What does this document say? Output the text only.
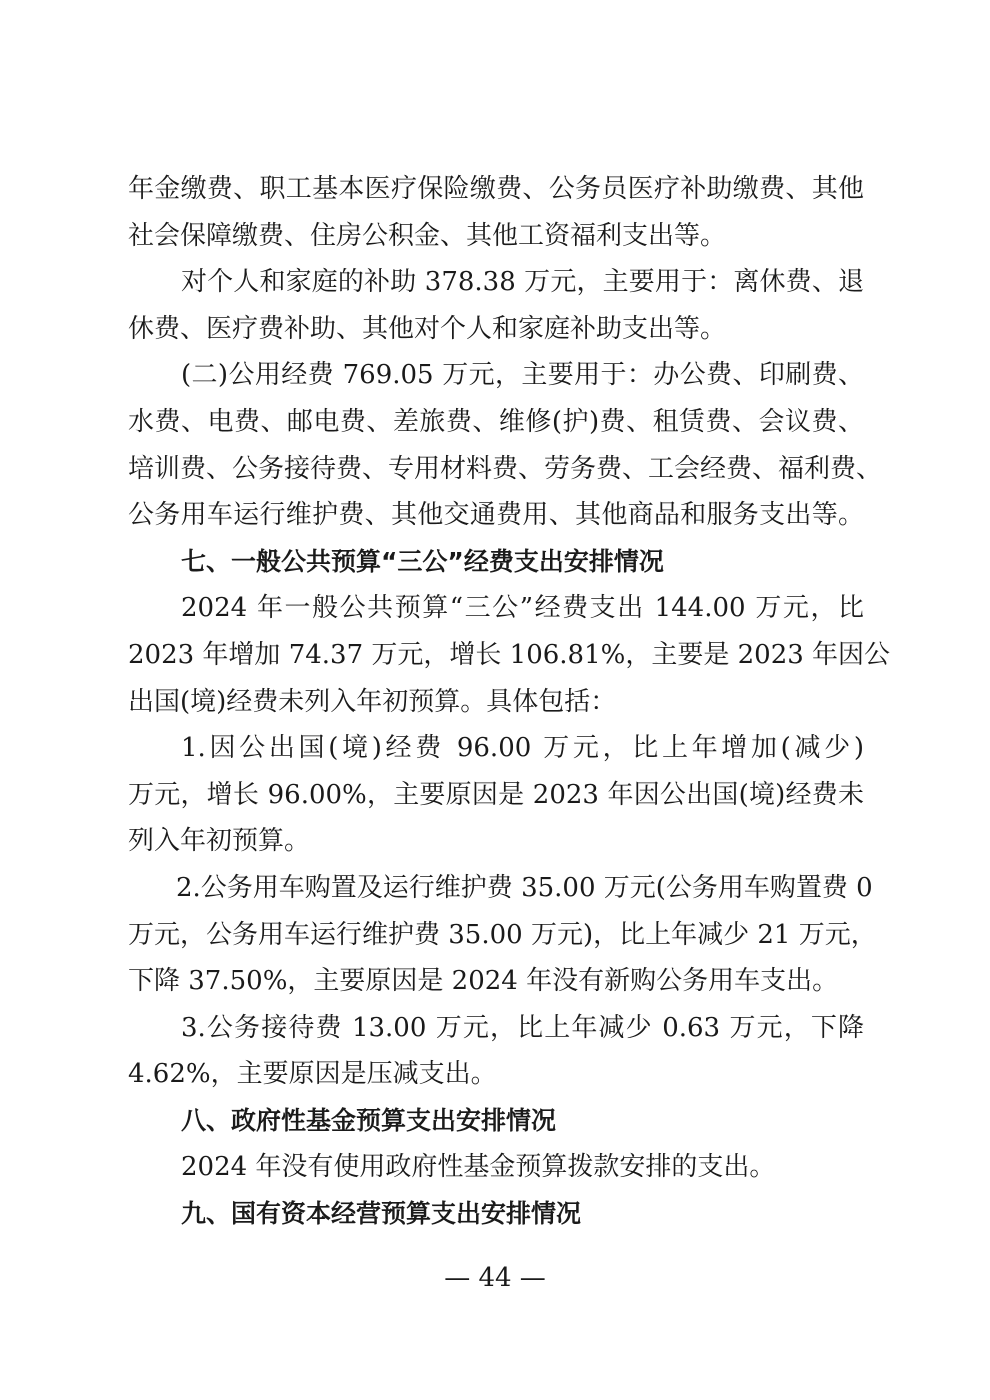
年金缴费、职工基本医疗保险缴费、公务员医疗补助缴费、其他
社会保障缴费、住房公积金、其他工资福利支出等。
对个人和家庭的补助 378.38 万元，主要用于：离休费、退
休费、医疗费补助、其他对个人和家庭补助支出等。
(二)公用经费 769.05 万元，主要用于：办公费、印刷费、
水费、电费、邮电费、差旅费、维修(护)费、租赁费、会议费、
培训费、公务接待费、专用材料费、劳务费、工会经费、福利费、
公务用车运行维护费、其他交通费用、其他商品和服务支出等。
七、一般公共预算“三公”经费支出安排情况
2024 年一般公共预算“三公”经费支出 144.00 万元，比
2023 年增加 74.37 万元，增长 106.81%，主要是 2023 年因公
出国(境)经费未列入年初预算。具体包括：
1.因公出国(境)经费 96.00 万元，比上年增加(减少)
万元，增长 96.00%，主要原因是 2023 年因公出国(境)经费未
列入年初预算。
2.公务用车购置及运行维护费 35.00 万元(公务用车购置费 0
万元，公务用车运行维护费 35.00 万元)，比上年减少 21 万元，
下降 37.50%，主要原因是 2024 年没有新购公务用车支出。
3.公务接待费 13.00 万元，比上年减少 0.63 万元，下降
4.62%，主要原因是压减支出。
八、政府性基金预算支出安排情况
2024 年没有使用政府性基金预算拨款安排的支出。
九、国有资本经营预算支出安排情况
— 44 —
